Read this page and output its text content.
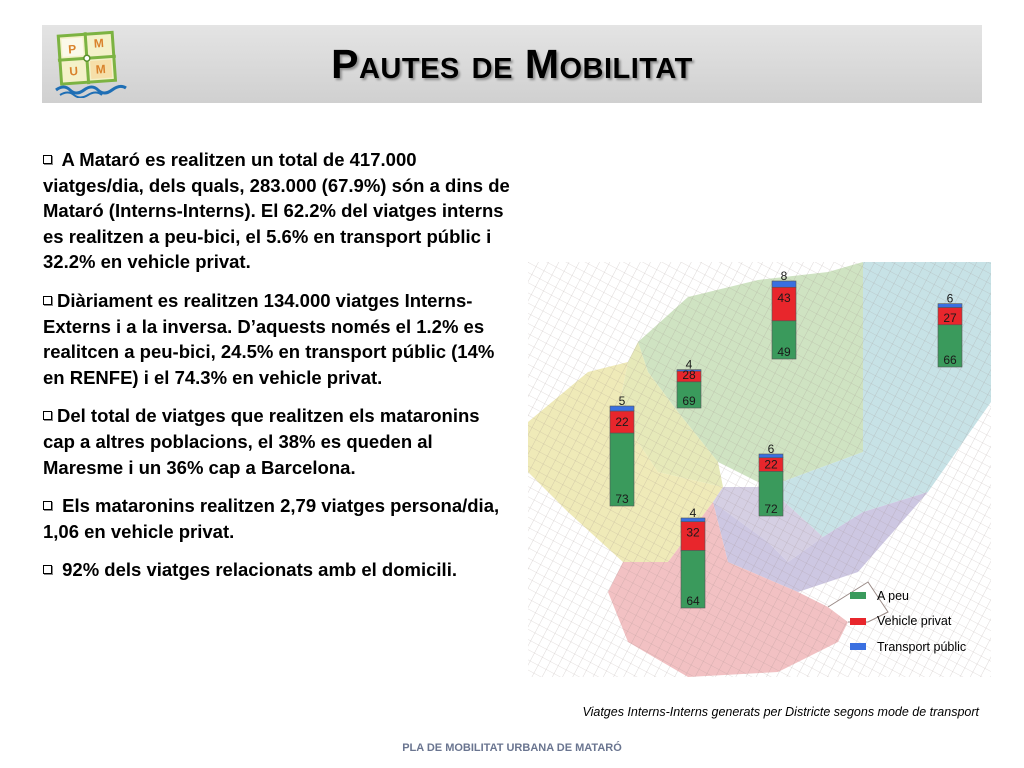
P M
U M	Pautes de Mobilitat
A Mataró es realitzen un total de 417.000 viatges/dia, dels quals, 283.000 (67.9%) són a dins de Mataró (Interns-Interns). El 62.2% del viatges interns es realitzen a peu-bici, el 5.6% en transport públic i 32.2% en vehicle privat.
Diàriament es realitzen 134.000 viatges Interns-Externs i a la inversa. D’aquests només el 1.2% es realitcen a peu-bici, 24.5% en transport públic (14% en RENFE) i el 74.3% en vehicle privat.
Del total de viatges que realitzen els mataronins cap a altres poblacions, el 38% es queden al Maresme i un 36% cap a Barcelona.
Els mataronins realitzen 2,79 viatges persona/dia, 1,06 en vehicle privat.
92% dels viatges relacionats amb el domicili.
49
43
8
66
27
6
69
28
4
73
22
5
72
22
6
64
32
4
A peu
Vehicle privat
Transport públic
Viatges Interns-Interns generats per Districte segons mode de transport
PLA DE MOBILITAT URBANA DE MATARÓ
